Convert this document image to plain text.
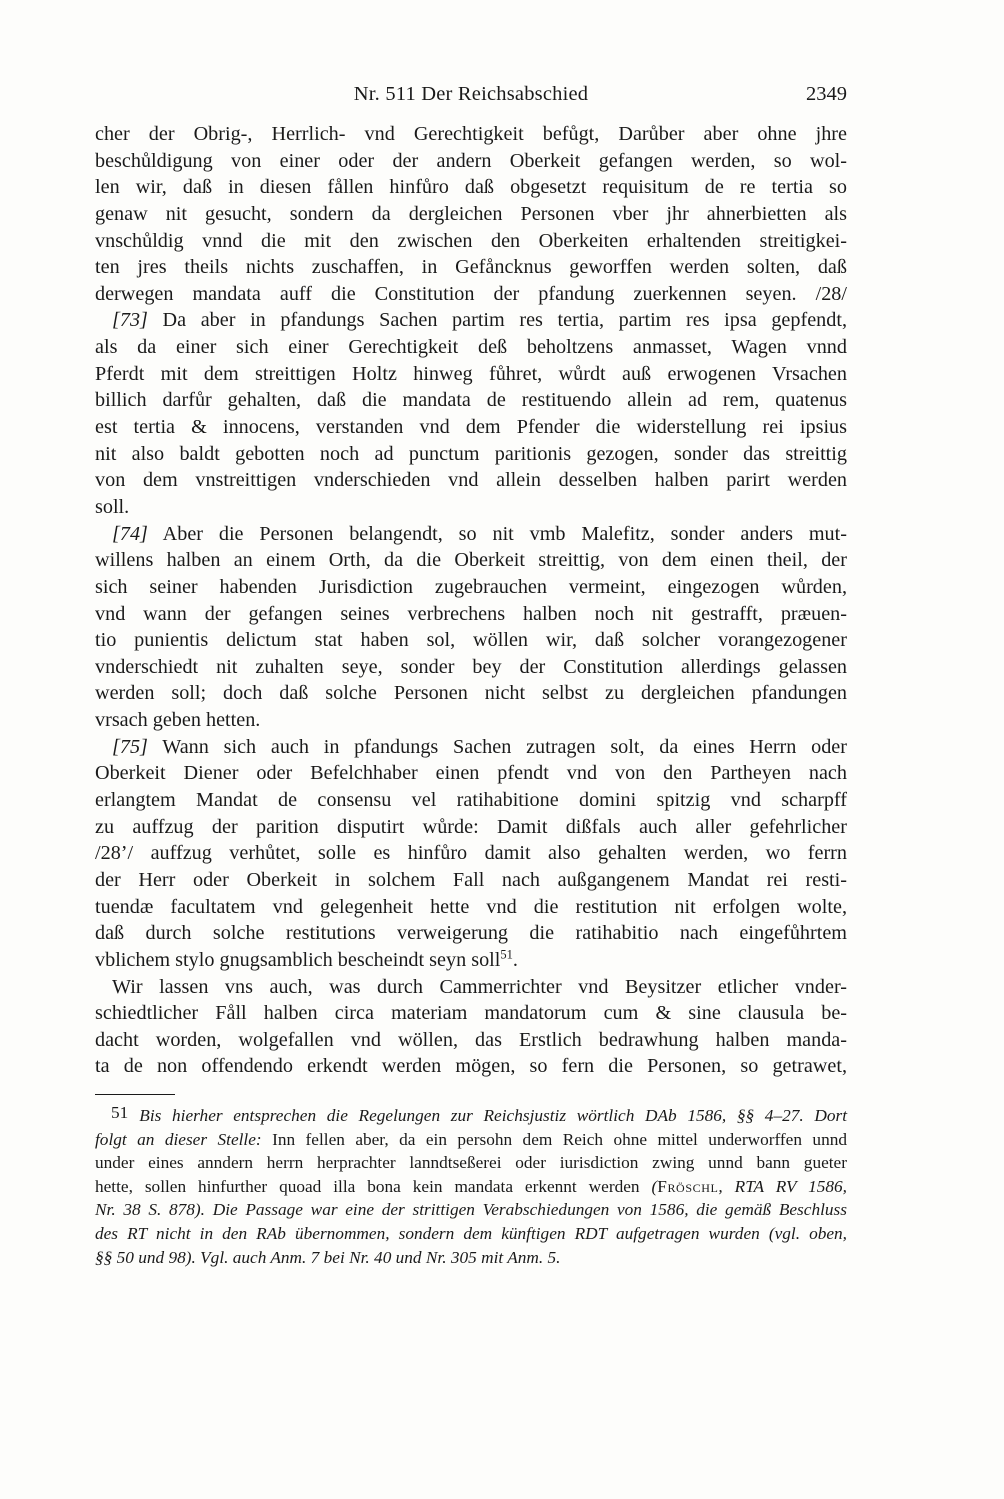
Nr. 511 Der Reichsabschied	2349
cher der Obrig-, Herrlich- vnd Gerechtigkeit befůgt, Darůber aber ohne jhre
beschůldigung von einer oder der andern Oberkeit gefangen werden, so wol-
len wir, daß in diesen fållen hinfůro daß obgesetzt requisitum de re tertia so
genaw nit gesucht, sondern da dergleichen Personen vber jhr ahnerbietten als
vnschůldig vnnd die mit den zwischen den Oberkeiten erhaltenden streitigkei-
ten jres theils nichts zuschaffen, in Gefåncknus geworffen werden solten, daß
derwegen mandata auff die Constitution der pfandung zuerkennen seyen. /28/
[73] Da aber in pfandungs Sachen partim res tertia, partim res ipsa gepfendt,
als da einer sich einer Gerechtigkeit deß beholtzens anmasset, Wagen vnnd
Pferdt mit dem streittigen Holtz hinweg fůhret, wůrdt auß erwogenen Vrsachen
billich darfůr gehalten, daß die mandata de restituendo allein ad rem, quatenus
est tertia & innocens, verstanden vnd dem Pfender die widerstellung rei ipsius
nit also baldt gebotten noch ad punctum paritionis gezogen, sonder das streittig
von dem vnstreittigen vnderschieden vnd allein desselben halben parirt werden
soll.
[74] Aber die Personen belangendt, so nit vmb Malefitz, sonder anders mut-
willens halben an einem Orth, da die Oberkeit streittig, von dem einen theil, der
sich seiner habenden Jurisdiction zugebrauchen vermeint, eingezogen wůrden,
vnd wann der gefangen seines verbrechens halben noch nit gestrafft, præuen-
tio punientis delictum stat haben sol, wöllen wir, daß solcher vorangezogener
vnderschiedt nit zuhalten seye, sonder bey der Constitution allerdings gelassen
werden soll; doch daß solche Personen nicht selbst zu dergleichen pfandungen
vrsach geben hetten.
[75] Wann sich auch in pfandungs Sachen zutragen solt, da eines Herrn oder
Oberkeit Diener oder Befelchhaber einen pfendt vnd von den Partheyen nach
erlangtem Mandat de consensu vel ratihabitione domini spitzig vnd scharpff
zu auffzug der parition disputirt wůrde: Damit dißfals auch aller gefehrlicher
/28’/ auffzug verhůtet, solle es hinfůro damit also gehalten werden, wo ferrn
der Herr oder Oberkeit in solchem Fall nach außgangenem Mandat rei resti-
tuendæ facultatem vnd gelegenheit hette vnd die restitution nit erfolgen wolte,
daß durch solche restitutions verweigerung die ratihabitio nach eingefůhrtem
vblichem stylo gnugsamblich bescheindt seyn soll$^{51}$.
Wir lassen vns auch, was durch Cammerrichter vnd Beysitzer etlicher vnder-
schiedtlicher Fåll halben circa materiam mandatorum cum & sine clausula be-
dacht worden, wolgefallen vnd wöllen, das Erstlich bedrawhung halben manda-
ta de non offendendo erkendt werden mögen, so fern die Personen, so getrawet,
51 Bis hierher entsprechen die Regelungen zur Reichsjustiz wörtlich DAb 1586, §§ 4–27. Dort
folgt an dieser Stelle: Inn fellen aber, da ein persohn dem Reich ohne mittel underworffen unnd
under eines anndern herrn herprachter lanndtseßerei oder iurisdiction zwing unnd bann gueter
hette, sollen hinfurther quoad illa bona kein mandata erkennt werden (Fröschl, RTA RV 1586,
Nr. 38 S. 878). Die Passage war eine der strittigen Verabschiedungen von 1586, die gemäß Beschluss
des RT nicht in den RAb übernommen, sondern dem künftigen RDT aufgetragen wurden (vgl. oben,
§§ 50 und 98). Vgl. auch Anm. 7 bei Nr. 40 und Nr. 305 mit Anm. 5.
